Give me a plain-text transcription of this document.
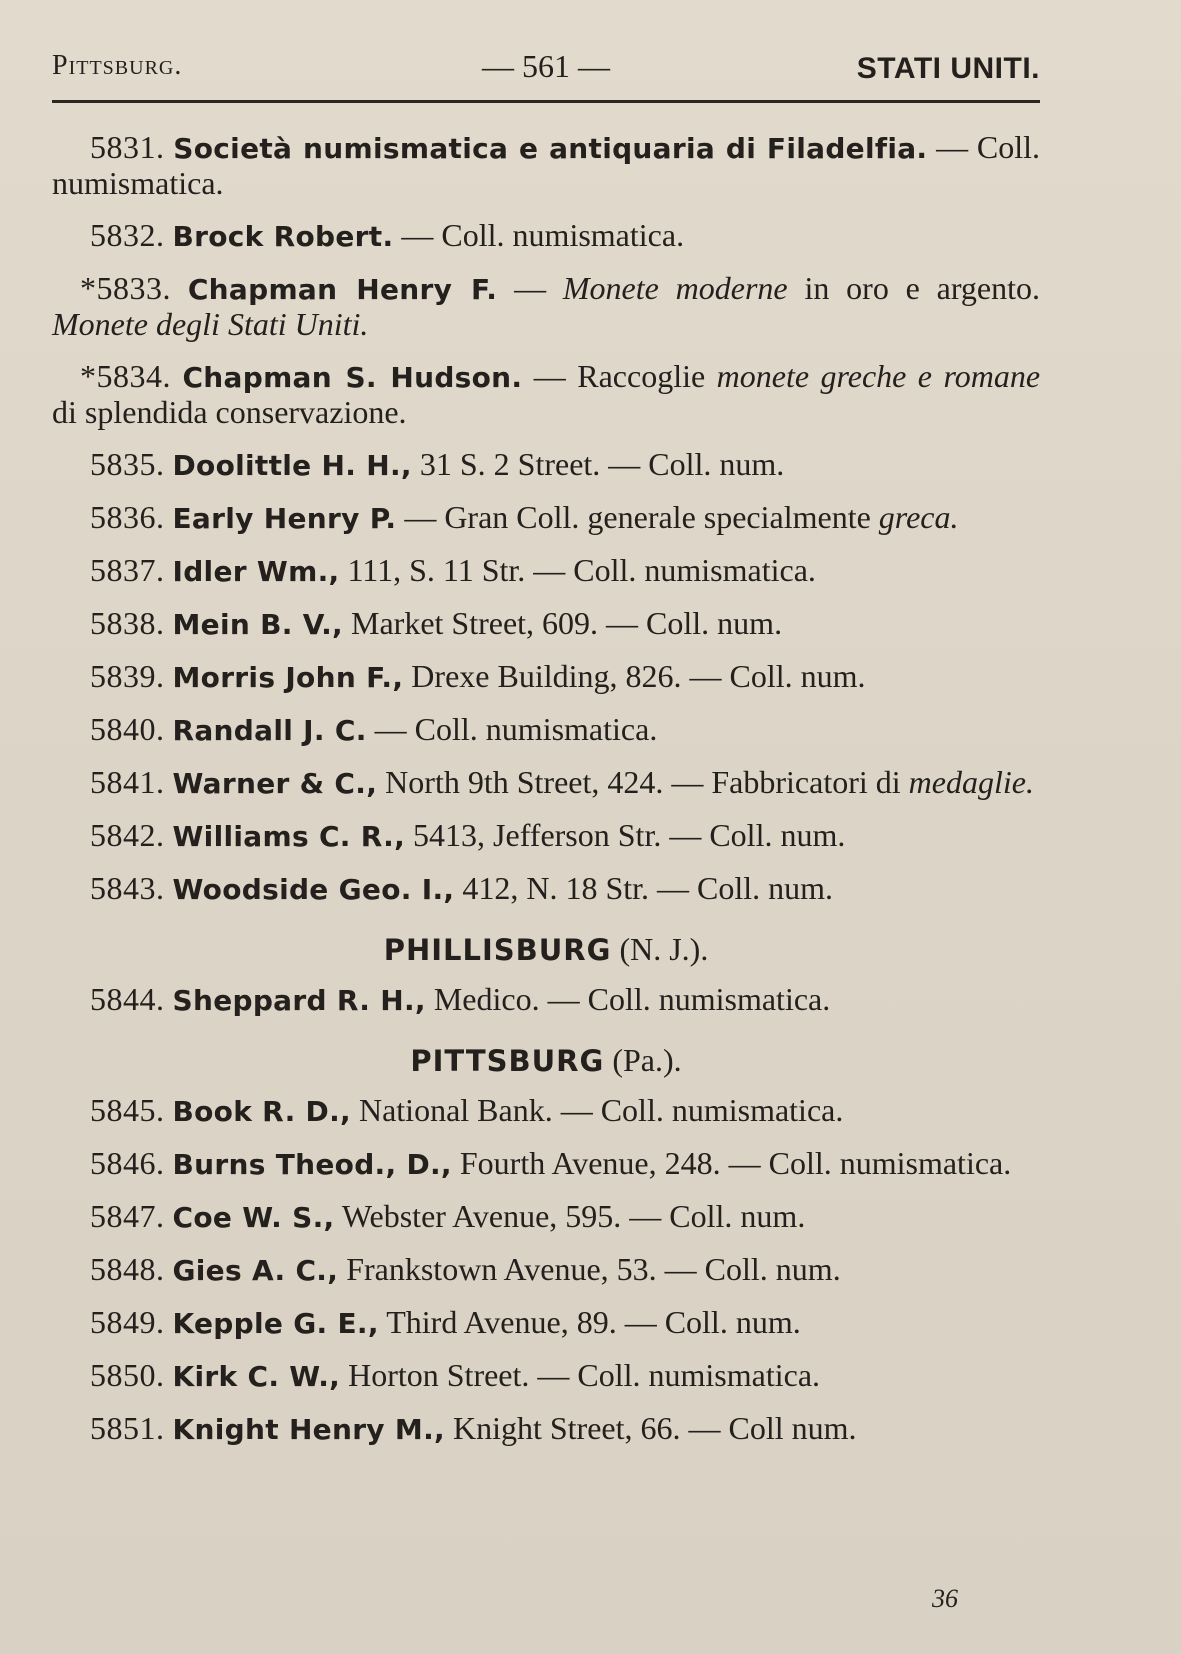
Pittsburg.	— 561 —	STATI UNITI.

5831. Società numismatica e antiquaria di Filadelfia. — Coll. numismatica.

5832. Brock Robert. — Coll. numismatica.

*5833. Chapman Henry F. — Monete moderne in oro e argento. Monete degli Stati Uniti.

*5834. Chapman S. Hudson. — Raccoglie monete greche e romane di splendida conservazione.

5835. Doolittle H. H., 31 S. 2 Street. — Coll. num.

5836. Early Henry P. — Gran Coll. generale specialmente greca.

5837. Idler Wm., 111, S. 11 Str. — Coll. numismatica.

5838. Mein B. V., Market Street, 609. — Coll. num.

5839. Morris John F., Drexe Building, 826. — Coll. num.

5840. Randall J. C. — Coll. numismatica.

5841. Warner & C., North 9th Street, 424. — Fabbricatori di medaglie.

5842. Williams C. R., 5413, Jefferson Str. — Coll. num.

5843. Woodside Geo. I., 412, N. 18 Str. — Coll. num.

PHILLISBURG (N. J.).

5844. Sheppard R. H., Medico. — Coll. numismatica.

PITTSBURG (Pa.).

5845. Book R. D., National Bank. — Coll. numismatica.

5846. Burns Theod., D., Fourth Avenue, 248. — Coll. numismatica.

5847. Coe W. S., Webster Avenue, 595. — Coll. num.

5848. Gies A. C., Frankstown Avenue, 53. — Coll. num.

5849. Kepple G. E., Third Avenue, 89. — Coll. num.

5850. Kirk C. W., Horton Street. — Coll. numismatica.

5851. Knight Henry M., Knight Street, 66. — Coll num.

36
